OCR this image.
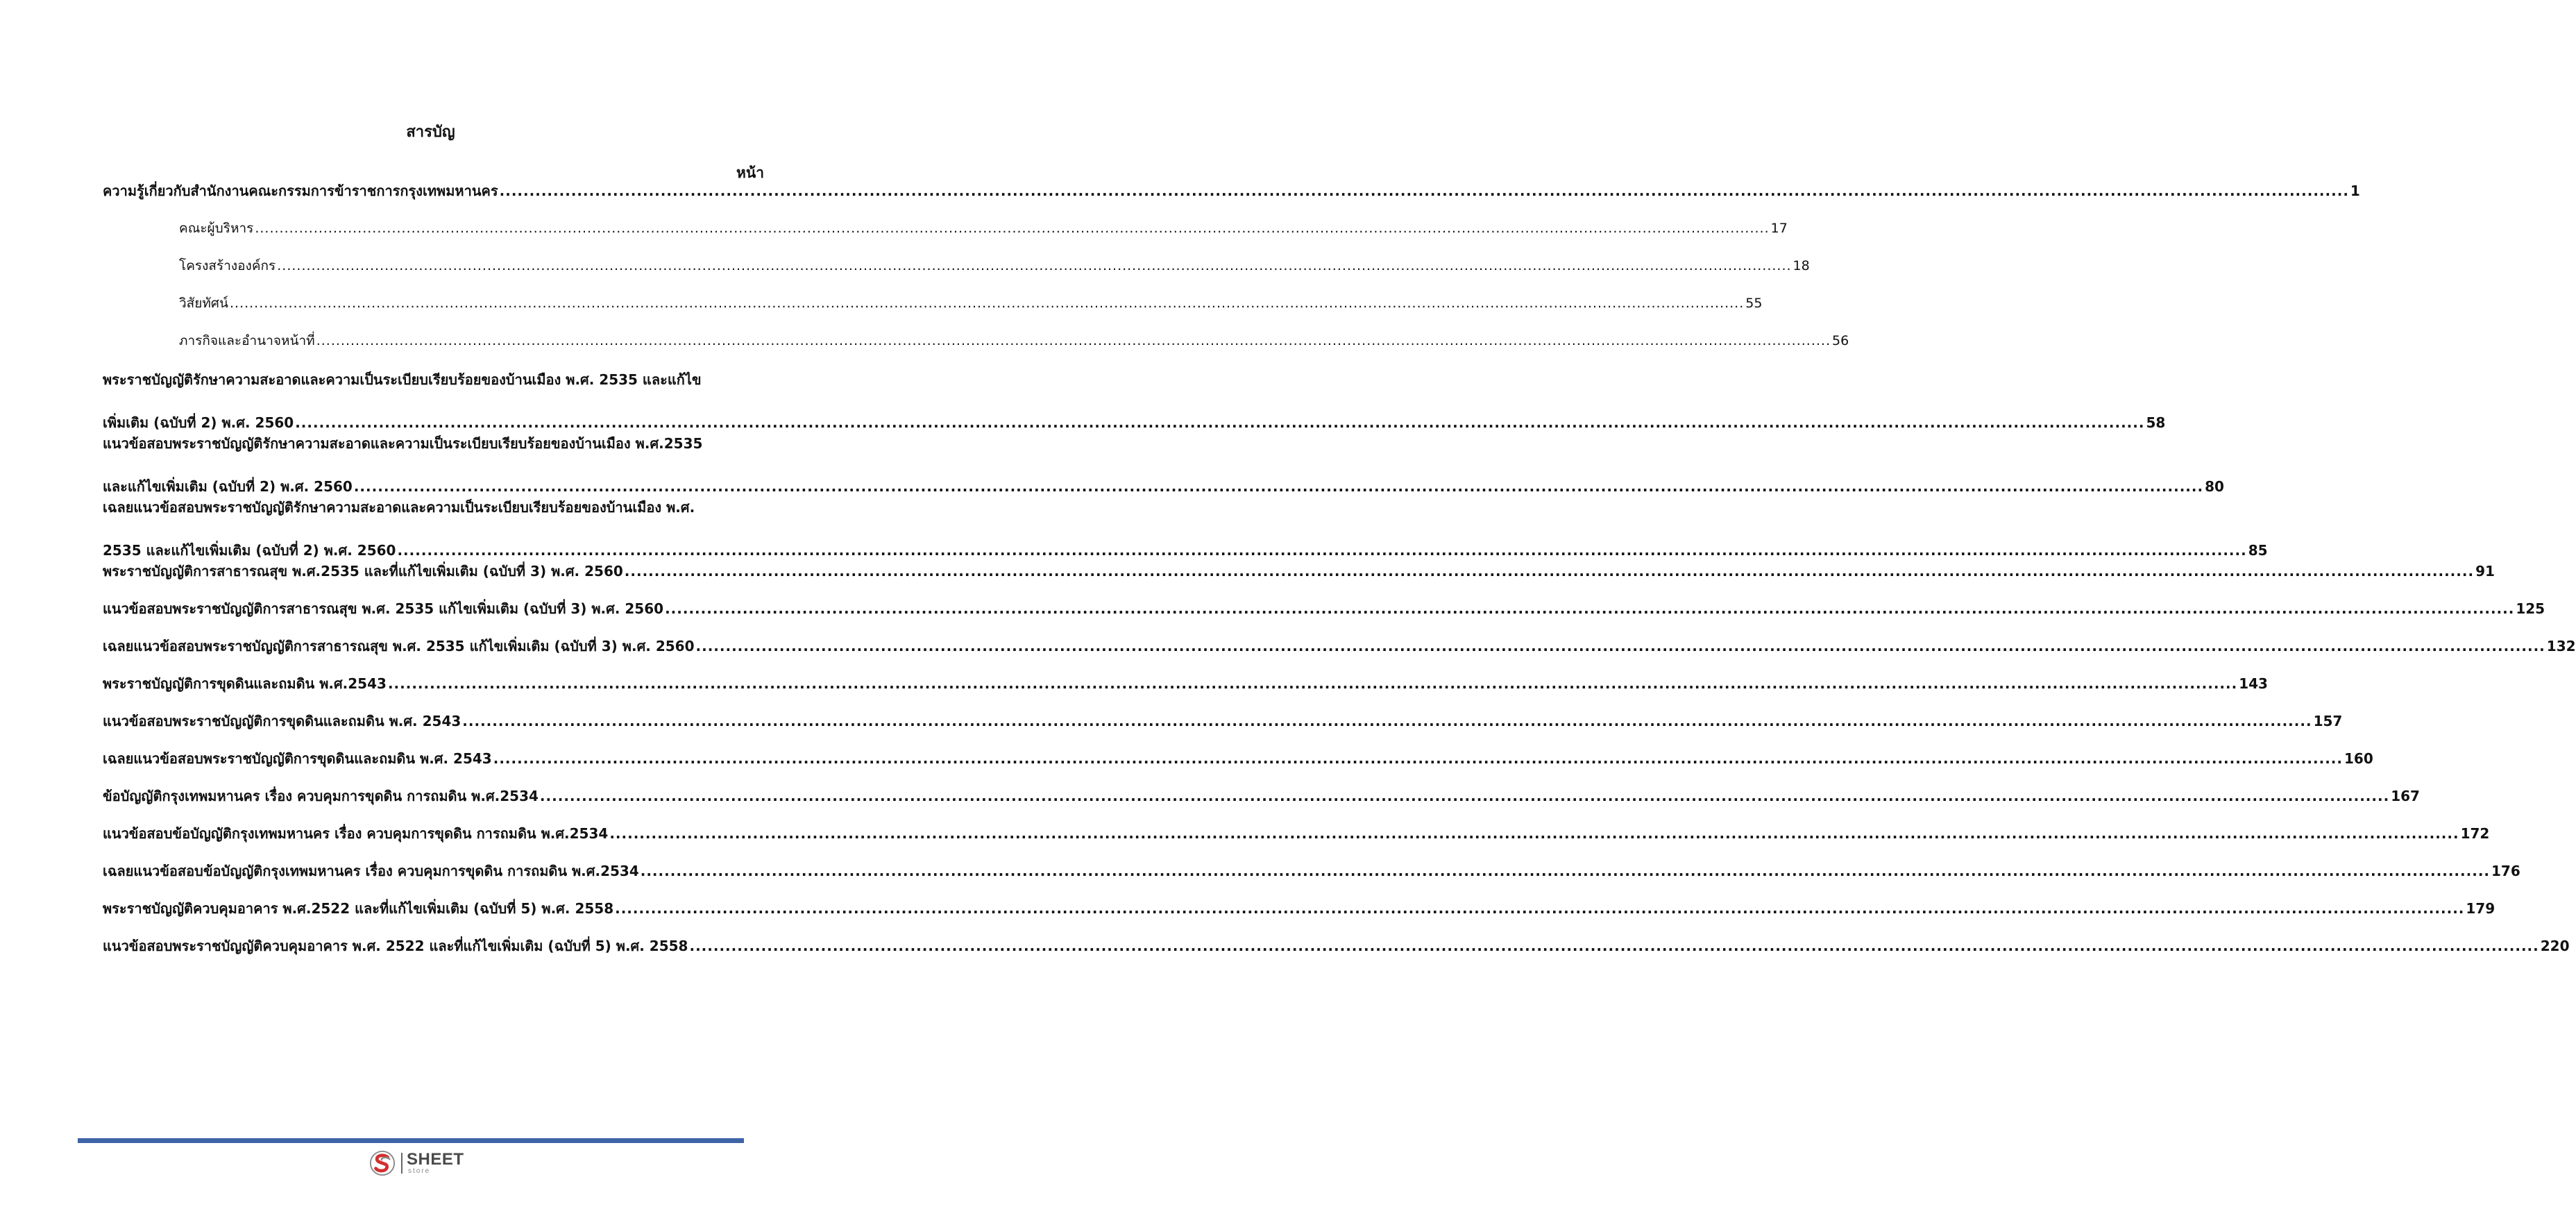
สารบัญ
หน้า
ความรู้เกี่ยวกับสำนักงานคณะกรรมการข้าราชการกรุงเทพมหานคร .....	1
คณะผู้บริหาร .....	17
โครงสร้างองค์กร .....	18
วิสัยทัศน์ .....	55
ภารกิจและอำนาจหน้าที่ .....	56
พระราชบัญญัติรักษาความสะอาดและความเป็นระเบียบเรียบร้อยของบ้านเมือง พ.ศ. 2535 และแก้ไข
เพิ่มเติม (ฉบับที่ 2) พ.ศ. 2560 .....	58
แนวข้อสอบพระราชบัญญัติรักษาความสะอาดและความเป็นระเบียบเรียบร้อยของบ้านเมือง พ.ศ.2535
และแก้ไขเพิ่มเติม (ฉบับที่ 2) พ.ศ. 2560 .....	80
เฉลยแนวข้อสอบพระราชบัญญัติรักษาความสะอาดและความเป็นระเบียบเรียบร้อยของบ้านเมือง พ.ศ.
2535 และแก้ไขเพิ่มเติม (ฉบับที่ 2) พ.ศ. 2560 .....	85
พระราชบัญญัติการสาธารณสุข พ.ศ.2535 และที่แก้ไขเพิ่มเติม (ฉบับที่ 3) พ.ศ. 2560 .....	91
แนวข้อสอบพระราชบัญญัติการสาธารณสุข พ.ศ. 2535 แก้ไขเพิ่มเติม (ฉบับที่ 3) พ.ศ. 2560 .....	125
เฉลยแนวข้อสอบพระราชบัญญัติการสาธารณสุข พ.ศ. 2535 แก้ไขเพิ่มเติม (ฉบับที่ 3) พ.ศ. 2560 .....	132
พระราชบัญญัติการขุดดินและถมดิน พ.ศ.2543 .....	143
แนวข้อสอบพระราชบัญญัติการขุดดินและถมดิน พ.ศ. 2543 .....	157
เฉลยแนวข้อสอบพระราชบัญญัติการขุดดินและถมดิน พ.ศ. 2543 .....	160
ข้อบัญญัติกรุงเทพมหานคร เรื่อง ควบคุมการขุดดิน การถมดิน พ.ศ.2534 .....	167
แนวข้อสอบข้อบัญญัติกรุงเทพมหานคร เรื่อง ควบคุมการขุดดิน การถมดิน พ.ศ.2534 .....	172
เฉลยแนวข้อสอบข้อบัญญัติกรุงเทพมหานคร เรื่อง ควบคุมการขุดดิน การถมดิน พ.ศ.2534 .....	176
พระราชบัญญัติควบคุมอาคาร พ.ศ.2522 และที่แก้ไขเพิ่มเติม (ฉบับที่ 5) พ.ศ. 2558 .....	179
แนวข้อสอบพระราชบัญญัติควบคุมอาคาร พ.ศ. 2522 และที่แก้ไขเพิ่มเติม (ฉบับที่ 5) พ.ศ. 2558 .....	220
SHEET
store
